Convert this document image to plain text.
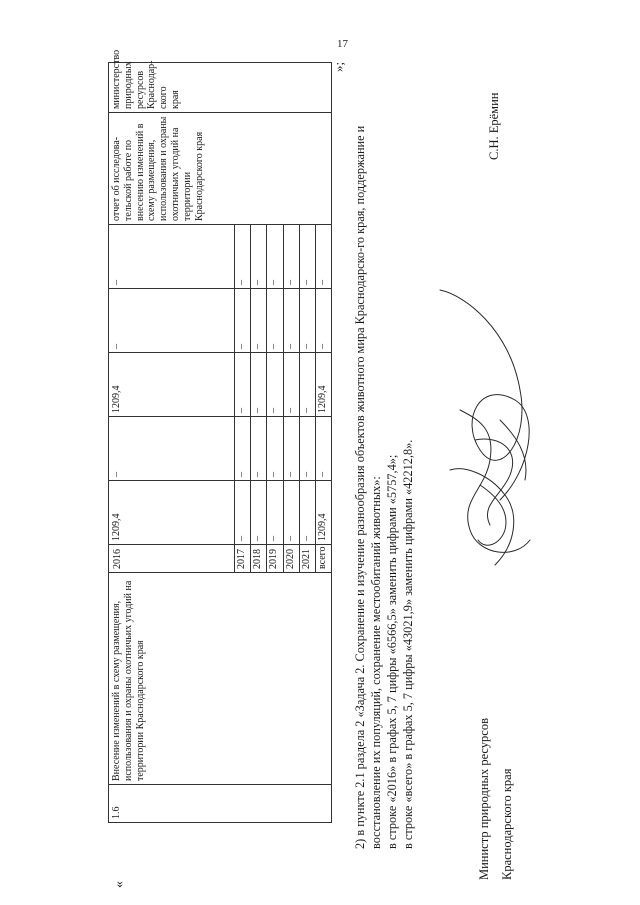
17
«
»;
1.6	Внесение изменений в схему размещения, использования и охраны охотничьих угодий на территории Краснодарского края	2016	1209,4	–	1209,4	–	–	отчет об исследова-тельской работе по внесению изменений в схему размещения, использования и охраны охотничьих угодий на территории Краснодарского края	министерство природных ресурсов Краснодар-ского края
		2017	–	–	–	–	–		
		2018	–	–	–	–	–		
		2019	–	–	–	–	–		
		2020	–	–	–	–	–		
		2021	–	–	–	–	–		
		всего	1209,4	–	1209,4	–	–		2) в пункте 2.1 раздела 2 «Задача 2. Сохранение и изучение разнообразия объектов животного мира Краснодарско-го края, поддержание и восстановление их популяций, сохранение местообитаний животных»: в строке «2016» в графах 5, 7 цифры «6566,5» заменить цифрами «5757,4»; в строке «всего» в графах 5, 7 цифры «43021,9» заменить цифрами «42212,8».	Министр природных ресурсов Краснодарского края
С.Н. Ерёмин
